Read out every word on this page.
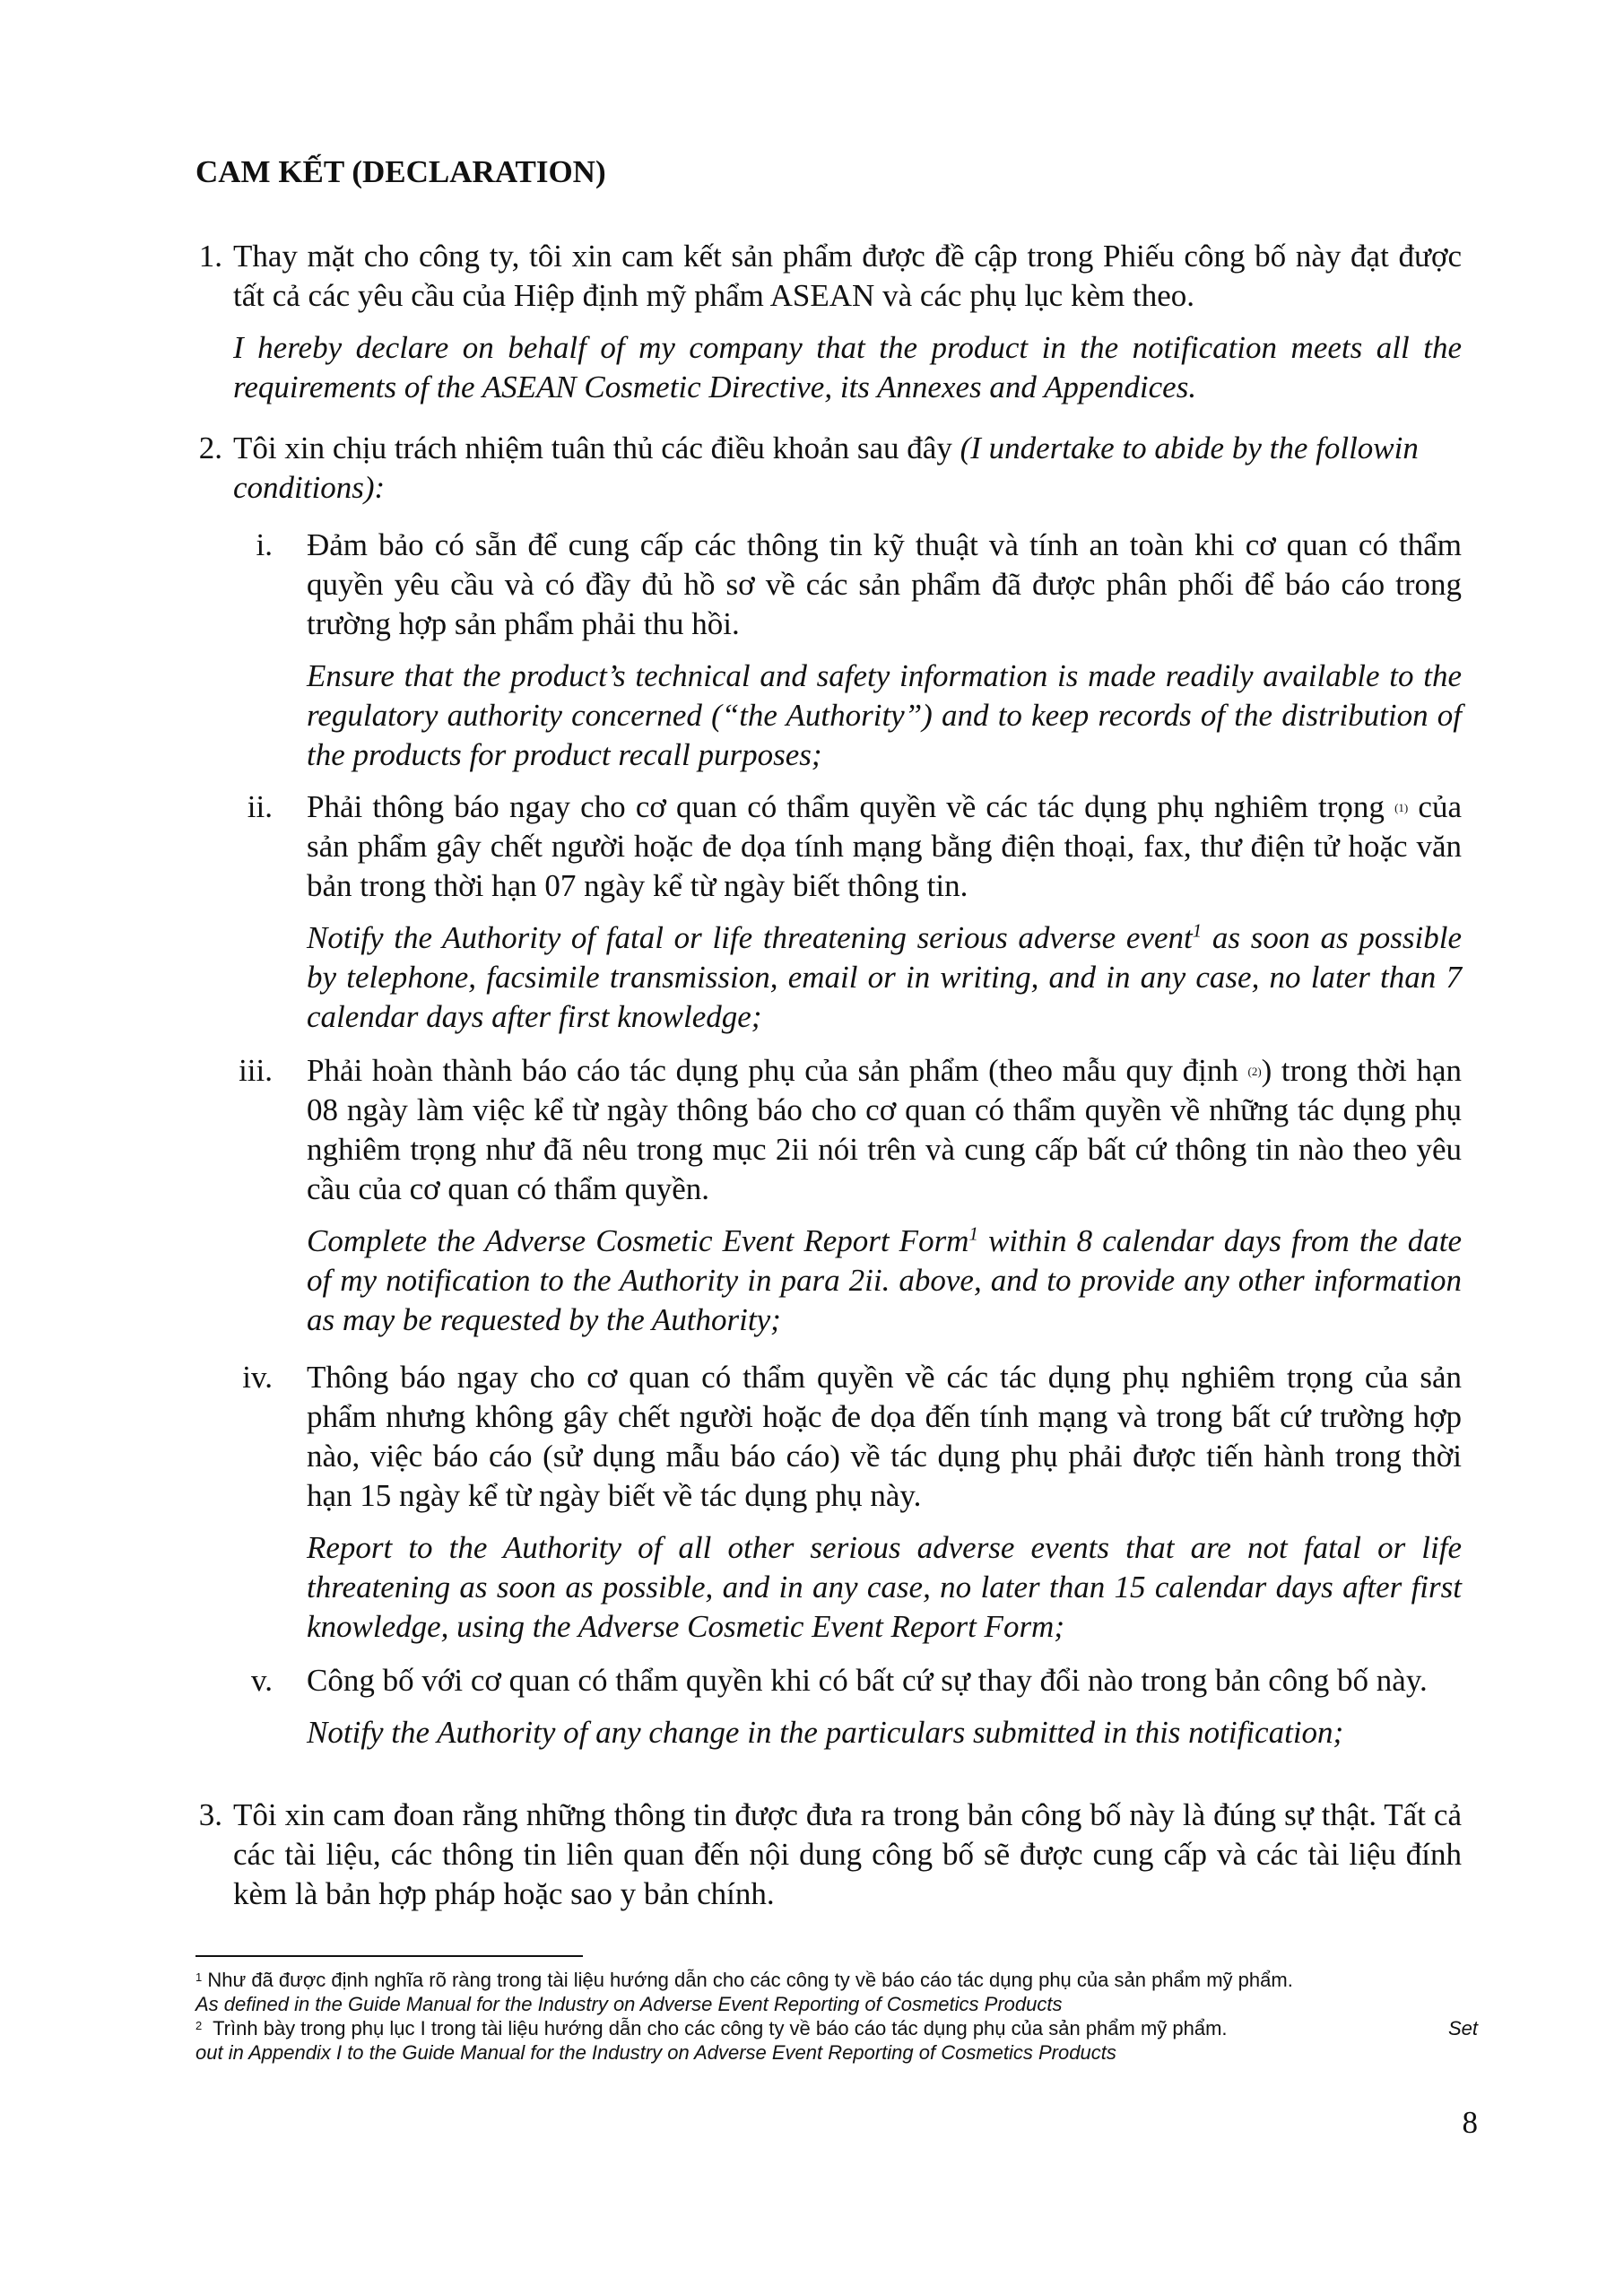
CAM KẾT (DECLARATION)
1. Thay mặt cho công ty, tôi xin cam kết sản phẩm được đề cập trong Phiếu công bố này đạt được tất cả các yêu cầu của Hiệp định mỹ phẩm ASEAN và các phụ lục kèm theo.

I hereby declare on behalf of my company that the product in the notification meets all the requirements of the ASEAN Cosmetic Directive, its Annexes and Appendices.

2. Tôi xin chịu trách nhiệm tuân thủ các điều khoản sau đây (I undertake to abide by the followin conditions):

i. Đảm bảo có sẵn để cung cấp các thông tin kỹ thuật và tính an toàn khi cơ quan có thẩm quyền yêu cầu và có đầy đủ hồ sơ về các sản phẩm đã được phân phối để báo cáo trong trường hợp sản phẩm phải thu hồi.

Ensure that the product’s technical and safety information is made readily available to the regulatory authority concerned (“the Authority”) and to keep records of the distribution of the products for product recall purposes;

ii. Phải thông báo ngay cho cơ quan có thẩm quyền về các tác dụng phụ nghiêm trọng (1) của sản phẩm gây chết người hoặc đe dọa tính mạng bằng điện thoại, fax, thư điện tử hoặc văn bản trong thời hạn 07 ngày kể từ ngày biết thông tin.

Notify the Authority of fatal or life threatening serious adverse event$^1$ as soon as possible by telephone, facsimile transmission, email or in writing, and in any case, no later than 7 calendar days after first knowledge;

iii. Phải hoàn thành báo cáo tác dụng phụ của sản phẩm (theo mẫu quy định (2)) trong thời hạn 08 ngày làm việc kể từ ngày thông báo cho cơ quan có thẩm quyền về những tác dụng phụ nghiêm trọng như đã nêu trong mục 2ii nói trên và cung cấp bất cứ thông tin nào theo yêu cầu của cơ quan có thẩm quyền.

Complete the Adverse Cosmetic Event Report Form$^1$ within 8 calendar days from the date of my notification to the Authority in para 2ii. above, and to provide any other information as may be requested by the Authority;

iv. Thông báo ngay cho cơ quan có thẩm quyền về các tác dụng phụ nghiêm trọng của sản phẩm nhưng không gây chết người hoặc đe dọa đến tính mạng và trong bất cứ trường hợp nào, việc báo cáo (sử dụng mẫu báo cáo) về tác dụng phụ phải được tiến hành trong thời hạn 15 ngày kể từ ngày biết về tác dụng phụ này.

Report to the Authority of all other serious adverse events that are not fatal or life threatening as soon as possible, and in any case, no later than 15 calendar days after first knowledge, using the Adverse Cosmetic Event Report Form;

v. Công bố với cơ quan có thẩm quyền khi có bất cứ sự thay đổi nào trong bản công bố này.

Notify the Authority of any change in the particulars submitted in this notification;

3. Tôi xin cam đoan rằng những thông tin được đưa ra trong bản công bố này là đúng sự thật. Tất cả các tài liệu, các thông tin liên quan đến nội dung công bố sẽ được cung cấp và các tài liệu đính kèm là bản hợp pháp hoặc sao y bản chính.

$^1$ Như đã được định nghĩa rõ ràng trong tài liệu hướng dẫn cho các công ty về báo cáo tác dụng phụ của sản phẩm mỹ phẩm.
As defined in the Guide Manual for the Industry on Adverse Event Reporting of Cosmetics Products
$^2$ Trình bày trong phụ lục I trong tài liệu hướng dẫn cho các công ty về báo cáo tác dụng phụ của sản phẩm mỹ phẩm.	Set
out in Appendix I to the Guide Manual for the Industry on Adverse Event Reporting of Cosmetics Products
8
